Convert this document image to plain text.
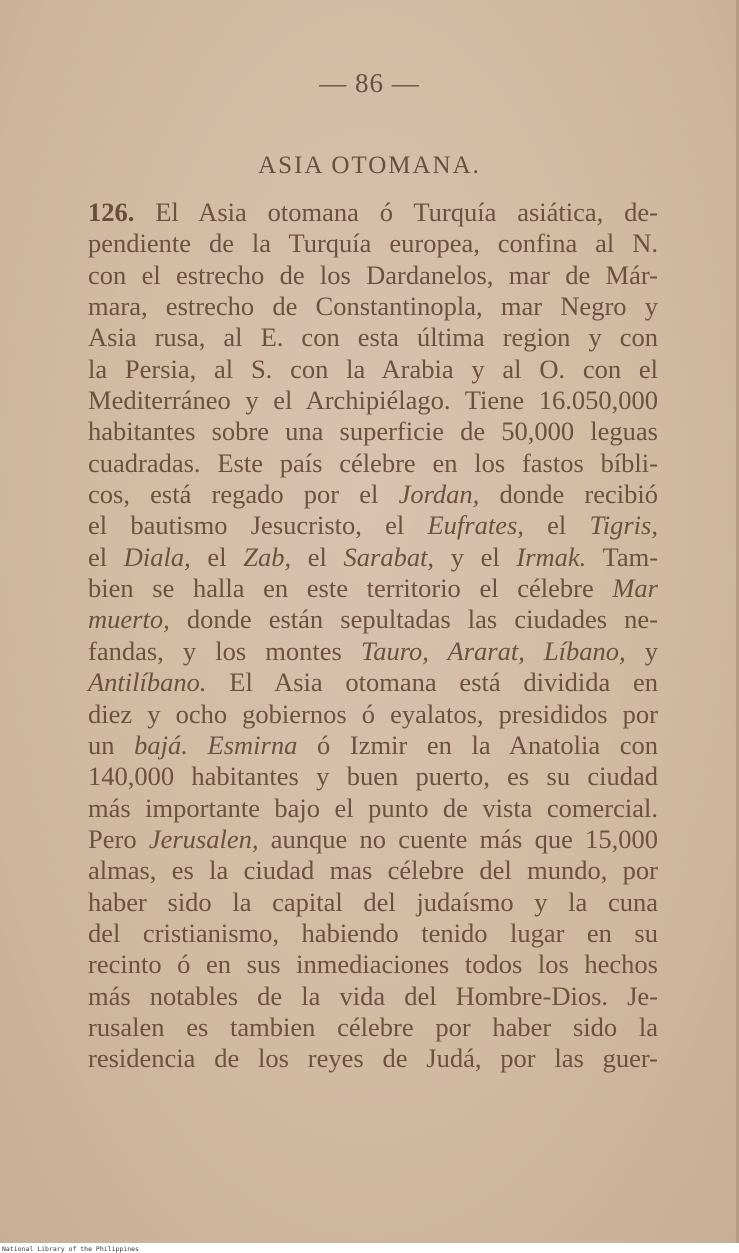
— 86 —
ASIA OTOMANA.
126. El Asia otomana ó Turquía asiática, de-
pendiente de la Turquía europea, confina al N.
con el estrecho de los Dardanelos, mar de Már-
mara, estrecho de Constantinopla, mar Negro y
Asia rusa, al E. con esta última region y con
la Persia, al S. con la Arabia y al O. con el
Mediterráneo y el Archipiélago. Tiene 16.050,000
habitantes sobre una superficie de 50,000 leguas
cuadradas. Este país célebre en los fastos bíbli-
cos, está regado por el Jordan, donde recibió
el bautismo Jesucristo, el Eufrates, el Tigris,
el Diala, el Zab, el Sarabat, y el Irmak. Tam-
bien se halla en este territorio el célebre Mar
muerto, donde están sepultadas las ciudades ne-
fandas, y los montes Tauro, Ararat, Líbano, y
Antilíbano. El Asia otomana está dividida en
diez y ocho gobiernos ó eyalatos, presididos por
un bajá. Esmirna ó Izmir en la Anatolia con
140,000 habitantes y buen puerto, es su ciudad
más importante bajo el punto de vista comercial.
Pero Jerusalen, aunque no cuente más que 15,000
almas, es la ciudad mas célebre del mundo, por
haber sido la capital del judaísmo y la cuna
del cristianismo, habiendo tenido lugar en su
recinto ó en sus inmediaciones todos los hechos
más notables de la vida del Hombre-Dios. Je-
rusalen es tambien célebre por haber sido la
residencia de los reyes de Judá, por las guer-
National Library of the Philippines
